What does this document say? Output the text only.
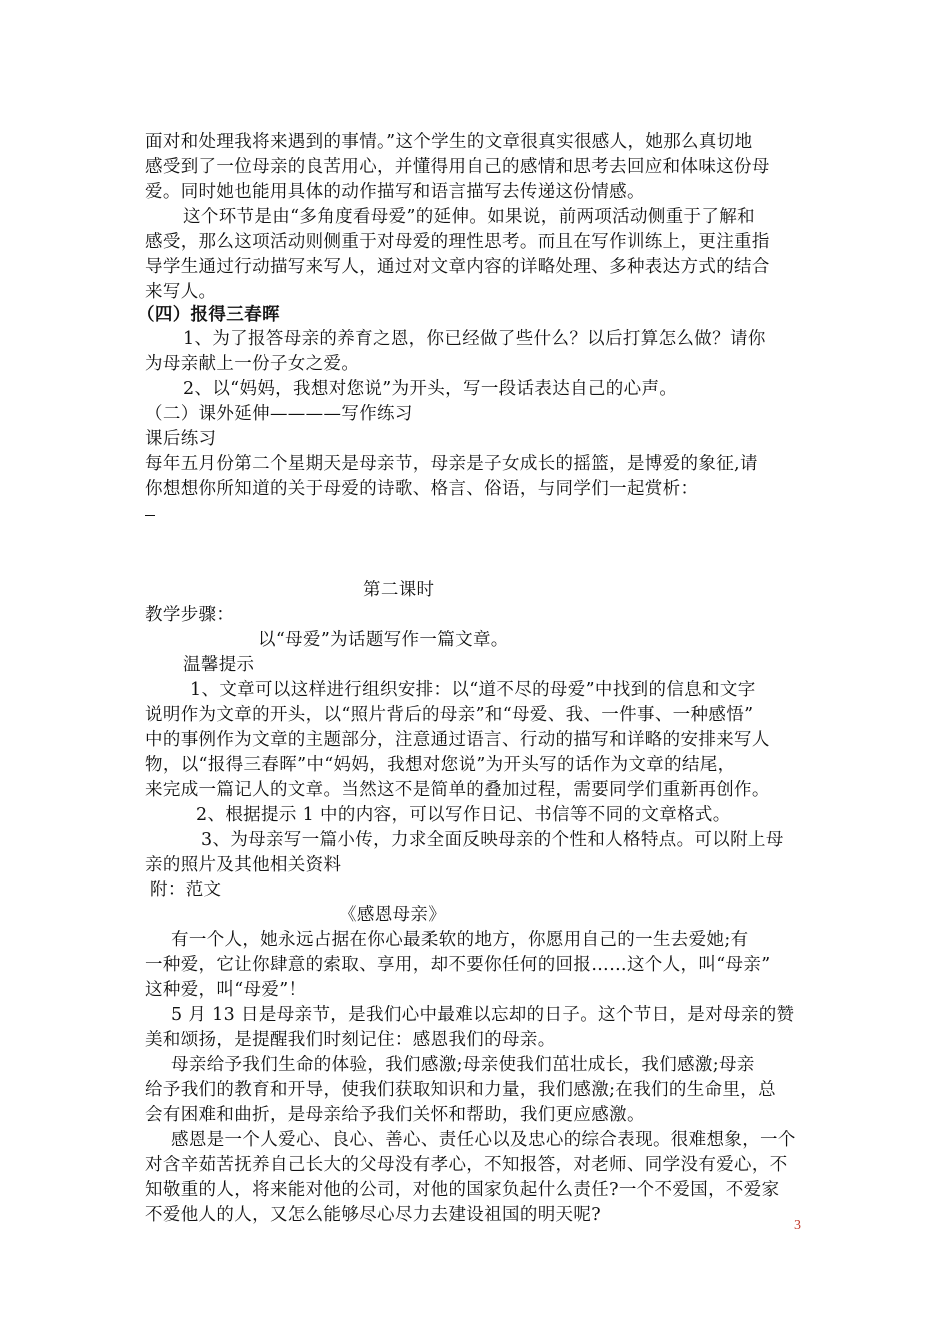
面对和处理我将来遇到的事情。”这个学生的文章很真实很感人，她那么真切地
感受到了一位母亲的良苦用心，并懂得用自己的感情和思考去回应和体味这份母
爱。同时她也能用具体的动作描写和语言描写去传递这份情感。
这个环节是由“多角度看母爱”的延伸。如果说，前两项活动侧重于了解和
感受，那么这项活动则侧重于对母爱的理性思考。而且在写作训练上，更注重指
导学生通过行动描写来写人，通过对文章内容的详略处理、多种表达方式的结合
来写人。
（四）报得三春晖
1、为了报答母亲的养育之恩，你已经做了些什么？以后打算怎么做？请你
为母亲献上一份子女之爱。
2、以“妈妈，我想对您说”为开头，写一段话表达自己的心声。
（二）课外延伸————写作练习
课后练习
每年五月份第二个星期天是母亲节，母亲是子女成长的摇篮，是博爱的象征,请
你想想你所知道的关于母爱的诗歌、格言、俗语，与同学们一起赏析：
第二课时
教学步骤：
以“母爱”为话题写作一篇文章。
温馨提示
1、文章可以这样进行组织安排：以“道不尽的母爱”中找到的信息和文字
说明作为文章的开头，以“照片背后的母亲”和“母爱、我、一件事、一种感悟”
中的事例作为文章的主题部分，注意通过语言、行动的描写和详略的安排来写人
物，以“报得三春晖”中“妈妈，我想对您说”为开头写的话作为文章的结尾，
来完成一篇记人的文章。当然这不是简单的叠加过程，需要同学们重新再创作。
2、根据提示 1 中的内容，可以写作日记、书信等不同的文章格式。
3、为母亲写一篇小传，力求全面反映母亲的个性和人格特点。可以附上母
亲的照片及其他相关资料
附：范文
《感恩母亲》
有一个人，她永远占据在你心最柔软的地方，你愿用自己的一生去爱她;有
一种爱，它让你肆意的索取、享用，却不要你任何的回报……这个人，叫“母亲”
这种爱，叫“母爱”！
5 月 13 日是母亲节，是我们心中最难以忘却的日子。这个节日，是对母亲的赞
美和颂扬，是提醒我们时刻记住：感恩我们的母亲。
母亲给予我们生命的体验，我们感激;母亲使我们茁壮成长，我们感激;母亲
给予我们的教育和开导，使我们获取知识和力量，我们感激;在我们的生命里，总
会有困难和曲折，是母亲给予我们关怀和帮助，我们更应感激。
感恩是一个人爱心、良心、善心、责任心以及忠心的综合表现。很难想象，一个
对含辛茹苦抚养自己长大的父母没有孝心，不知报答，对老师、同学没有爱心，不
知敬重的人，将来能对他的公司，对他的国家负起什么责任?一个不爱国，不爱家
不爱他人的人，又怎么能够尽心尽力去建设祖国的明天呢?
3
